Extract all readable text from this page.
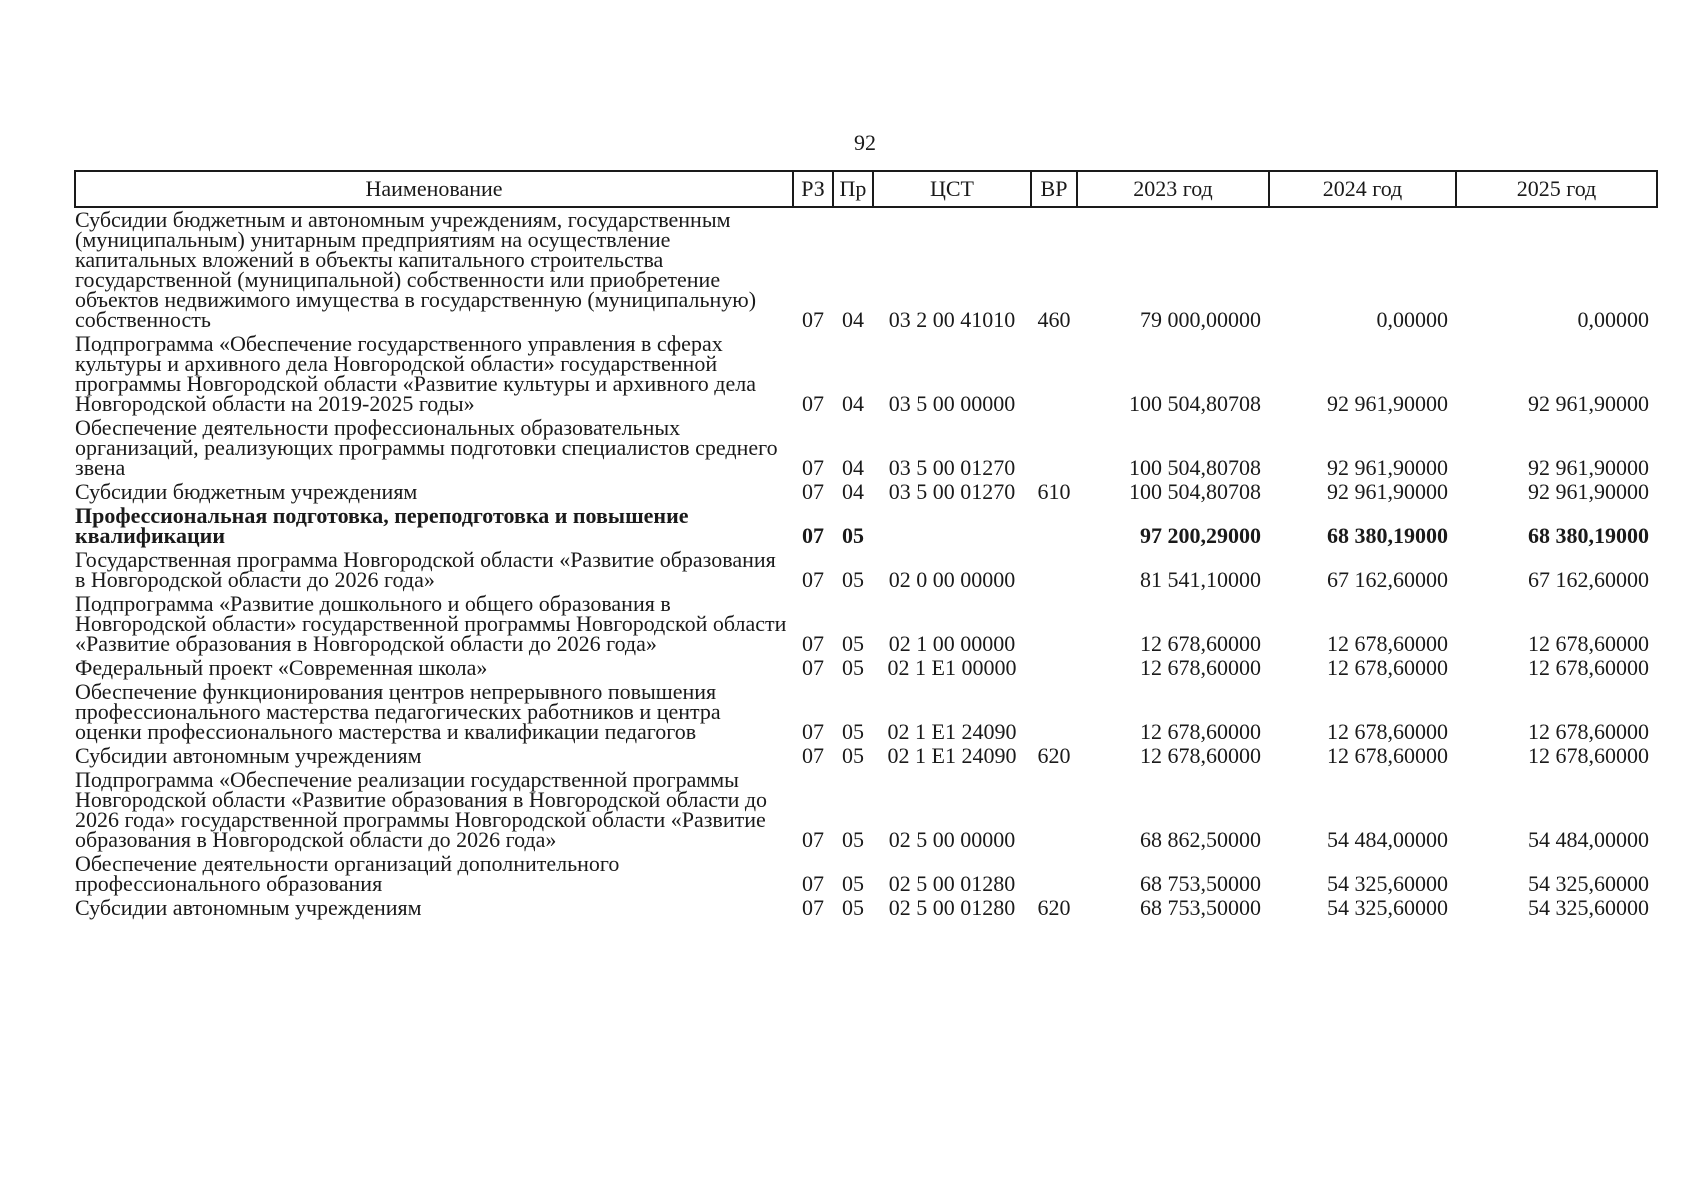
92
Наименование	РЗ	Пр	ЦСТ	ВР	2023 год	2024 год	2025 год
Субсидии бюджетным и автономным учреждениям, государственным (муниципальным) унитарным предприятиям на осуществление капитальных вложений в объекты капитального строительства государственной (муниципальной) собственности или приобретение объектов недвижимого имущества в государственную (муниципальную) собственность	07	04	03 2 00 41010	460	79 000,00000	0,00000	0,00000
Подпрограмма «Обеспечение государственного управления в сферах культуры и архивного дела Новгородской области» государственной программы Новгородской области «Развитие культуры и архивного дела Новгородской области на 2019-2025 годы»	07	04	03 5 00 00000		100 504,80708	92 961,90000	92 961,90000
Обеспечение деятельности профессиональных образовательных организаций, реализующих программы подготовки специалистов среднего звена	07	04	03 5 00 01270		100 504,80708	92 961,90000	92 961,90000
Субсидии бюджетным учреждениям	07	04	03 5 00 01270	610	100 504,80708	92 961,90000	92 961,90000
Профессиональная подготовка, переподготовка и повышение квалификации	07	05			97 200,29000	68 380,19000	68 380,19000
Государственная программа Новгородской области «Развитие образования в Новгородской области до 2026 года»	07	05	02 0 00 00000		81 541,10000	67 162,60000	67 162,60000
Подпрограмма «Развитие дошкольного и общего образования в Новгородской области» государственной программы Новгородской области «Развитие образования в Новгородской области до 2026 года»	07	05	02 1 00 00000		12 678,60000	12 678,60000	12 678,60000
Федеральный проект «Современная школа»	07	05	02 1 E1 00000		12 678,60000	12 678,60000	12 678,60000
Обеспечение функционирования центров непрерывного повышения профессионального мастерства педагогических работников и центра оценки профессионального мастерства и квалификации педагогов	07	05	02 1 E1 24090		12 678,60000	12 678,60000	12 678,60000
Субсидии автономным учреждениям	07	05	02 1 E1 24090	620	12 678,60000	12 678,60000	12 678,60000
Подпрограмма «Обеспечение реализации государственной программы Новгородской области «Развитие образования в Новгородской области до 2026 года» государственной программы Новгородской области «Развитие образования в Новгородской области до 2026 года»	07	05	02 5 00 00000		68 862,50000	54 484,00000	54 484,00000
Обеспечение деятельности организаций дополнительного профессионального образования	07	05	02 5 00 01280		68 753,50000	54 325,60000	54 325,60000
Субсидии автономным учреждениям	07	05	02 5 00 01280	620	68 753,50000	54 325,60000	54 325,60000
